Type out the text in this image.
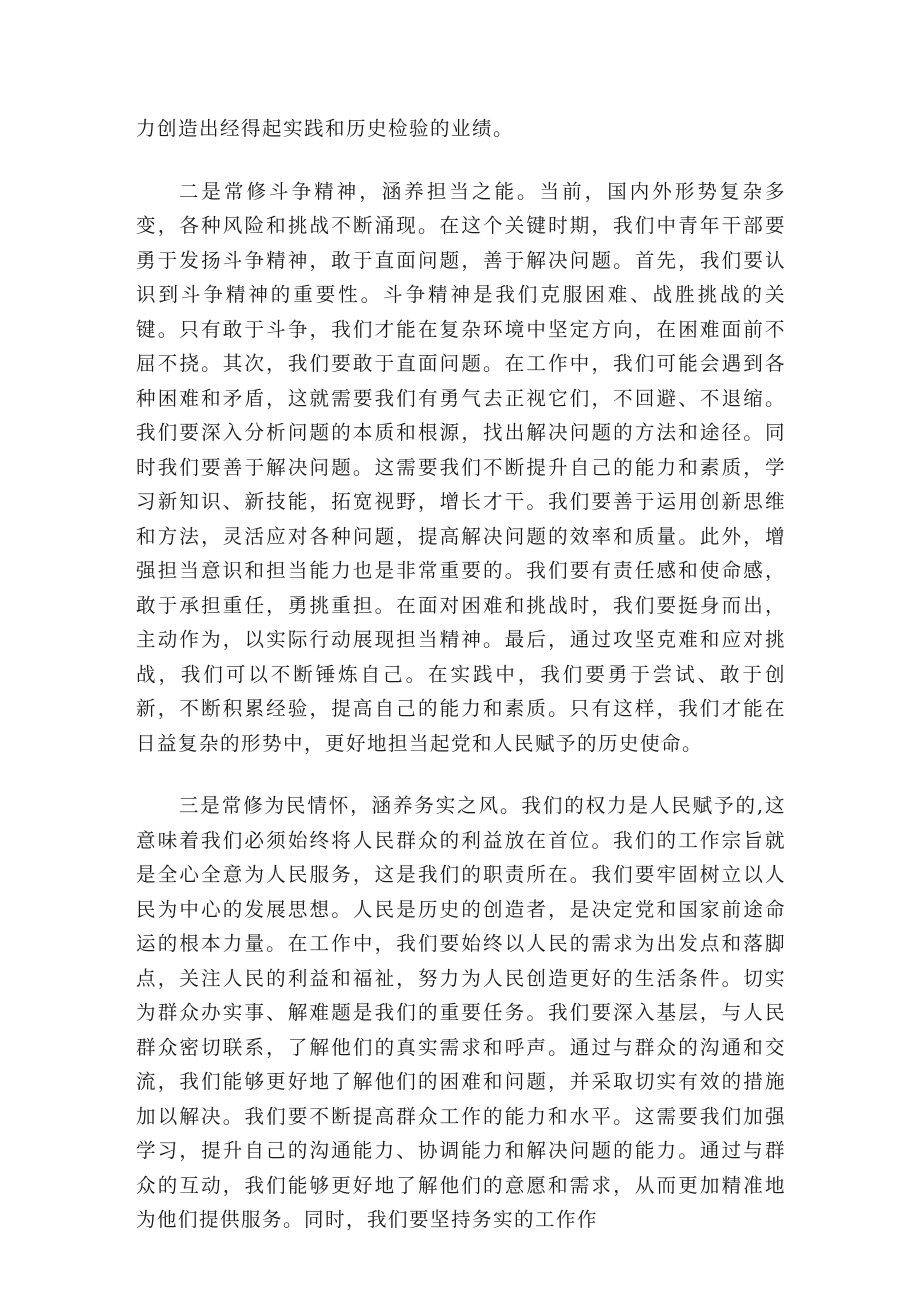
力创造出经得起实践和历史检验的业绩。

二是常修斗争精神，涵养担当之能。当前，国内外形势复杂多变，各种风险和挑战不断涌现。在这个关键时期，我们中青年干部要勇于发扬斗争精神，敢于直面问题，善于解决问题。首先，我们要认识到斗争精神的重要性。斗争精神是我们克服困难、战胜挑战的关键。只有敢于斗争，我们才能在复杂环境中坚定方向，在困难面前不屈不挠。其次，我们要敢于直面问题。在工作中，我们可能会遇到各种困难和矛盾，这就需要我们有勇气去正视它们，不回避、不退缩。我们要深入分析问题的本质和根源，找出解决问题的方法和途径。同时我们要善于解决问题。这需要我们不断提升自己的能力和素质，学习新知识、新技能，拓宽视野，增长才干。我们要善于运用创新思维和方法，灵活应对各种问题，提高解决问题的效率和质量。此外，增强担当意识和担当能力也是非常重要的。我们要有责任感和使命感，敢于承担重任，勇挑重担。在面对困难和挑战时，我们要挺身而出，主动作为，以实际行动展现担当精神。最后，通过攻坚克难和应对挑战，我们可以不断锤炼自己。在实践中，我们要勇于尝试、敢于创新，不断积累经验，提高自己的能力和素质。只有这样，我们才能在日益复杂的形势中，更好地担当起党和人民赋予的历史使命。

三是常修为民情怀，涵养务实之风。我们的权力是人民赋予的,这意味着我们必须始终将人民群众的利益放在首位。我们的工作宗旨就是全心全意为人民服务，这是我们的职责所在。我们要牢固树立以人民为中心的发展思想。人民是历史的创造者，是决定党和国家前途命运的根本力量。在工作中，我们要始终以人民的需求为出发点和落脚点，关注人民的利益和福祉，努力为人民创造更好的生活条件。切实为群众办实事、解难题是我们的重要任务。我们要深入基层，与人民群众密切联系，了解他们的真实需求和呼声。通过与群众的沟通和交流，我们能够更好地了解他们的困难和问题，并采取切实有效的措施加以解决。我们要不断提高群众工作的能力和水平。这需要我们加强学习，提升自己的沟通能力、协调能力和解决问题的能力。通过与群众的互动，我们能够更好地了解他们的意愿和需求，从而更加精准地为他们提供服务。同时，我们要坚持务实的工作作
